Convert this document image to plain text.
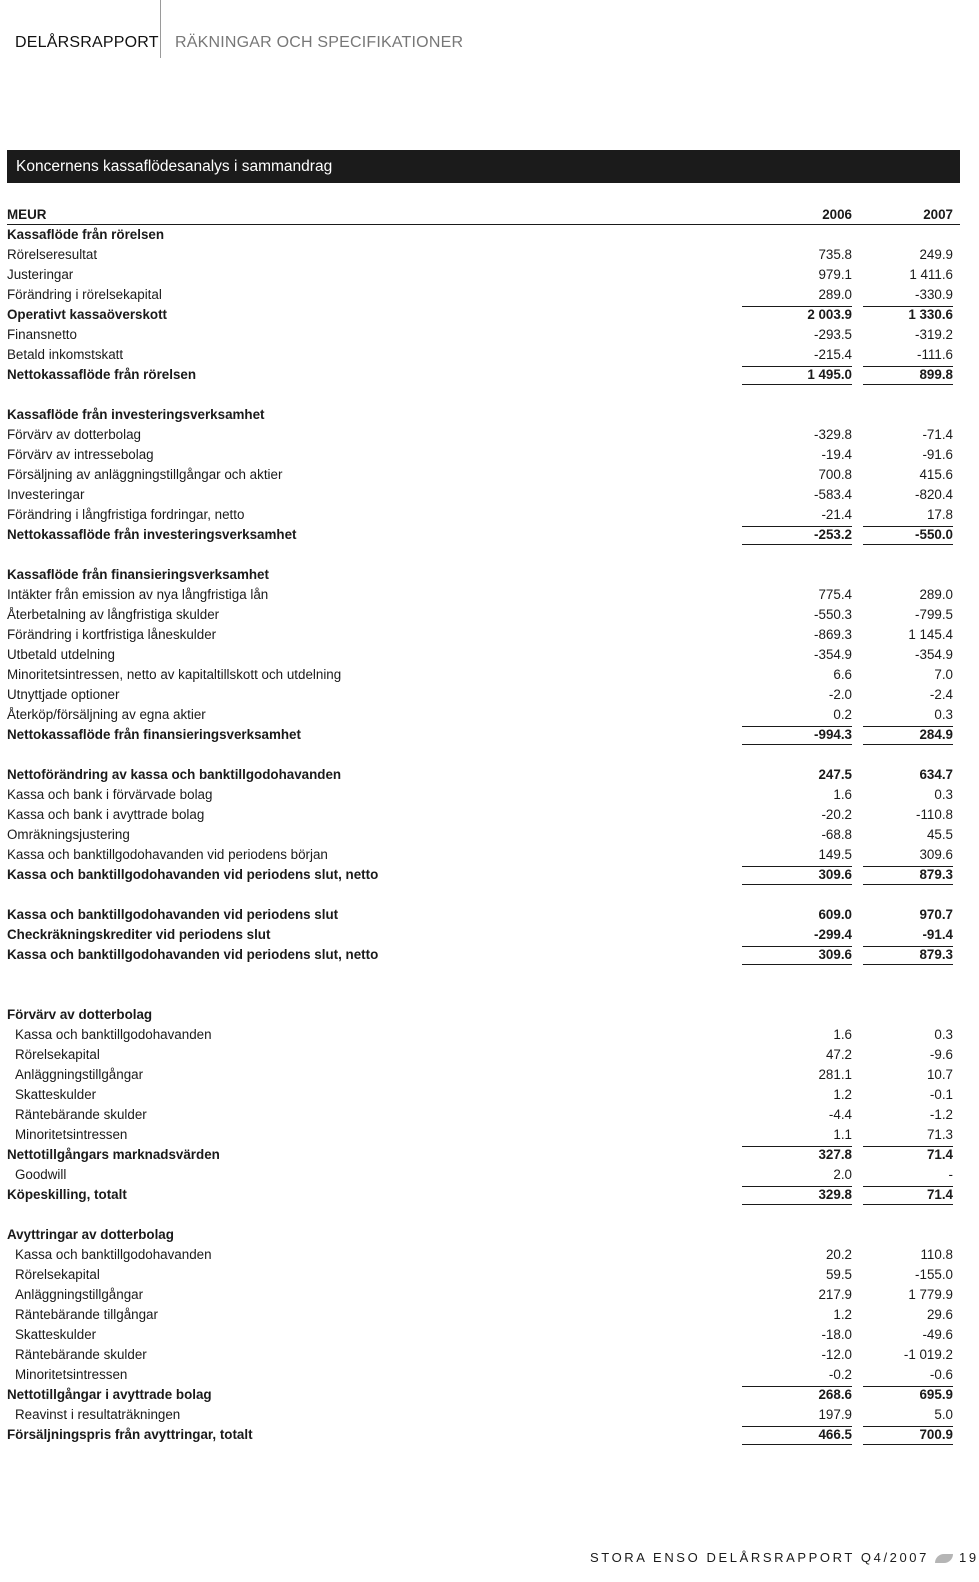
DELÅRSRAPPORT RÄKNINGAR OCH SPECIFIKATIONER
Koncernens kassaflödesanalys i sammandrag
MEUR	2006	2007
Kassaflöde från rörelsen
Rörelseresultat	735.8	249.9
Justeringar	979.1	1 411.6
Förändring i rörelsekapital	289.0	-330.9
Operativt kassaöverskott	2 003.9	1 330.6
Finansnetto	-293.5	-319.2
Betald inkomstskatt	-215.4	-111.6
Nettokassaflöde från rörelsen	1 495.0	899.8
Kassaflöde från investeringsverksamhet
Förvärv av dotterbolag	-329.8	-71.4
Förvärv av intressebolag	-19.4	-91.6
Försäljning av anläggningstillgångar och aktier	700.8	415.6
Investeringar	-583.4	-820.4
Förändring i långfristiga fordringar, netto	-21.4	17.8
Nettokassaflöde från investeringsverksamhet	-253.2	-550.0
Kassaflöde från finansieringsverksamhet
Intäkter från emission av nya långfristiga lån	775.4	289.0
Återbetalning av långfristiga skulder	-550.3	-799.5
Förändring i kortfristiga låneskulder	-869.3	1 145.4
Utbetald utdelning	-354.9	-354.9
Minoritetsintressen, netto av kapitaltillskott och utdelning	6.6	7.0
Utnyttjade optioner	-2.0	-2.4
Återköp/försäljning av egna aktier	0.2	0.3
Nettokassaflöde från finansieringsverksamhet	-994.3	284.9
Nettoförändring av kassa och banktillgodohavanden	247.5	634.7
Kassa och bank i förvärvade bolag	1.6	0.3
Kassa och bank i avyttrade bolag	-20.2	-110.8
Omräkningsjustering	-68.8	45.5
Kassa och banktillgodohavanden vid periodens början	149.5	309.6
Kassa och banktillgodohavanden vid periodens slut, netto	309.6	879.3
Kassa och banktillgodohavanden vid periodens slut	609.0	970.7
Checkräkningskrediter vid periodens slut	-299.4	-91.4
Kassa och banktillgodohavanden vid periodens slut, netto	309.6	879.3
Förvärv av dotterbolag
Kassa och banktillgodohavanden	1.6	0.3
Rörelsekapital	47.2	-9.6
Anläggningstillgångar	281.1	10.7
Skatteskulder	1.2	-0.1
Räntebärande skulder	-4.4	-1.2
Minoritetsintressen	1.1	71.3
Nettotillgångars marknadsvärden	327.8	71.4
Goodwill	2.0	-
Köpeskilling, totalt	329.8	71.4
Avyttringar av dotterbolag
Kassa och banktillgodohavanden	20.2	110.8
Rörelsekapital	59.5	-155.0
Anläggningstillgångar	217.9	1 779.9
Räntebärande tillgångar	1.2	29.6
Skatteskulder	-18.0	-49.6
Räntebärande skulder	-12.0	-1 019.2
Minoritetsintressen	-0.2	-0.6
Nettotillgångar i avyttrade bolag	268.6	695.9
Reavinst i resultaträkningen	197.9	5.0
Försäljningspris från avyttringar, totalt	466.5	700.9
STORA ENSO DELÅRSRAPPORT Q4/2007 19
